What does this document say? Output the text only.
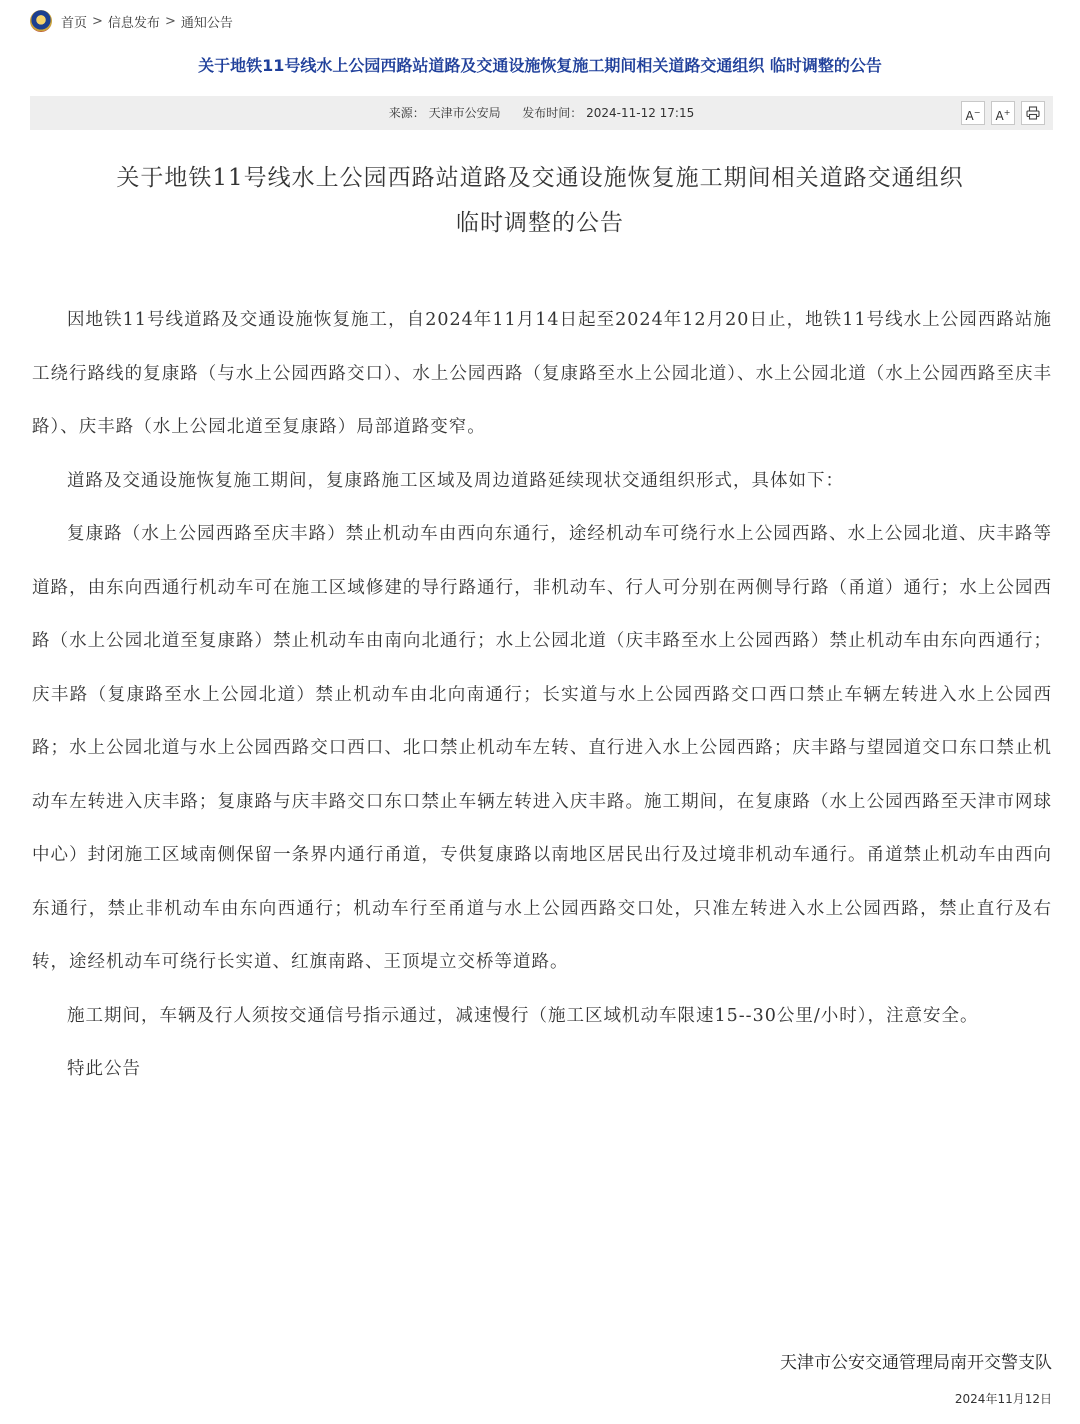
首页 > 信息发布 > 通知公告
关于地铁11号线水上公园西路站道路及交通设施恢复施工期间相关道路交通组织 临时调整的公告
来源： 天津市公安局 发布时间： 2024-11-12 17:15	A−	A+
关于地铁11号线水上公园西路站道路及交通设施恢复施工期间相关道路交通组织
临时调整的公告

因地铁11号线道路及交通设施恢复施工，自2024年11月14日起至2024年12月20日止，地铁11号线水上公园西路站施工绕行路线的复康路（与水上公园西路交口）、水上公园西路（复康路至水上公园北道）、水上公园北道（水上公园西路至庆丰路）、庆丰路（水上公园北道至复康路）局部道路变窄。

道路及交通设施恢复施工期间，复康路施工区域及周边道路延续现状交通组织形式，具体如下：

复康路（水上公园西路至庆丰路）禁止机动车由西向东通行，途经机动车可绕行水上公园西路、水上公园北道、庆丰路等道路，由东向西通行机动车可在施工区域修建的导行路通行，非机动车、行人可分别在两侧导行路（甬道）通行；水上公园西路（水上公园北道至复康路）禁止机动车由南向北通行；水上公园北道（庆丰路至水上公园西路）禁止机动车由东向西通行；庆丰路（复康路至水上公园北道）禁止机动车由北向南通行；长实道与水上公园西路交口西口禁止车辆左转进入水上公园西路；水上公园北道与水上公园西路交口西口、北口禁止机动车左转、直行进入水上公园西路；庆丰路与望园道交口东口禁止机动车左转进入庆丰路；复康路与庆丰路交口东口禁止车辆左转进入庆丰路。施工期间，在复康路（水上公园西路至天津市网球中心）封闭施工区域南侧保留一条界内通行甬道，专供复康路以南地区居民出行及过境非机动车通行。甬道禁止机动车由西向东通行，禁止非机动车由东向西通行；机动车行至甬道与水上公园西路交口处，只准左转进入水上公园西路，禁止直行及右转，途经机动车可绕行长实道、红旗南路、王顶堤立交桥等道路。

施工期间，车辆及行人须按交通信号指示通过，减速慢行（施工区域机动车限速15--30公里/小时），注意安全。

特此公告

天津市公安交通管理局南开交警支队
2024年11月12日
